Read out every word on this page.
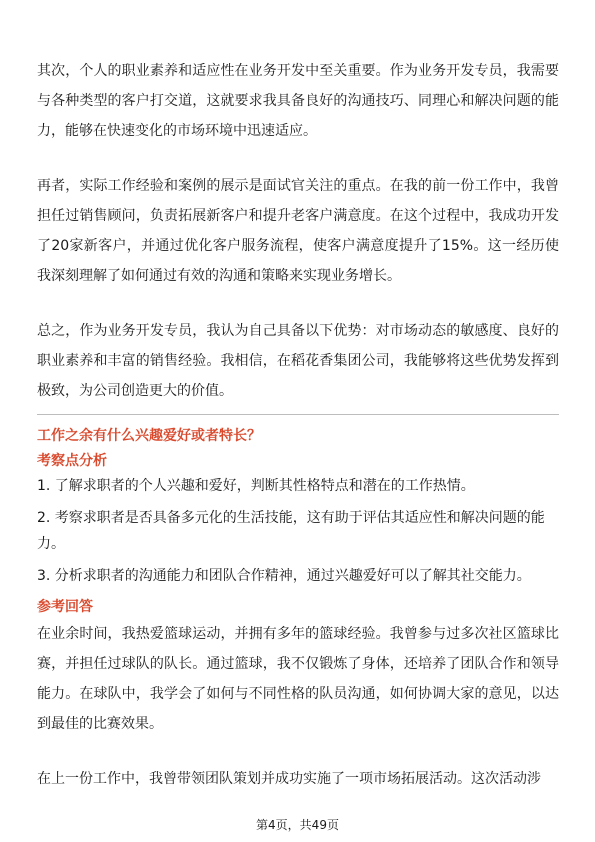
其次，个人的职业素养和适应性在业务开发中至关重要。作为业务开发专员，我需要与各种类型的客户打交道，这就要求我具备良好的沟通技巧、同理心和解决问题的能力，能够在快速变化的市场环境中迅速适应。

再者，实际工作经验和案例的展示是面试官关注的重点。在我的前一份工作中，我曾担任过销售顾问，负责拓展新客户和提升老客户满意度。在这个过程中，我成功开发了20家新客户，并通过优化客户服务流程，使客户满意度提升了15%。这一经历使我深刻理解了如何通过有效的沟通和策略来实现业务增长。

总之，作为业务开发专员，我认为自己具备以下优势：对市场动态的敏感度、良好的职业素养和丰富的销售经验。我相信，在稻花香集团公司，我能够将这些优势发挥到极致，为公司创造更大的价值。

工作之余有什么兴趣爱好或者特长？

考察点分析

1. 了解求职者的个人兴趣和爱好，判断其性格特点和潜在的工作热情。
2. 考察求职者是否具备多元化的生活技能，这有助于评估其适应性和解决问题的能力。
3. 分析求职者的沟通能力和团队合作精神，通过兴趣爱好可以了解其社交能力。

参考回答

在业余时间，我热爱篮球运动，并拥有多年的篮球经验。我曾参与过多次社区篮球比赛，并担任过球队的队长。通过篮球，我不仅锻炼了身体，还培养了团队合作和领导能力。在球队中，我学会了如何与不同性格的队员沟通，如何协调大家的意见，以达到最佳的比赛效果。

在上一份工作中，我曾带领团队策划并成功实施了一项市场拓展活动。这次活动涉

第4页，共49页
